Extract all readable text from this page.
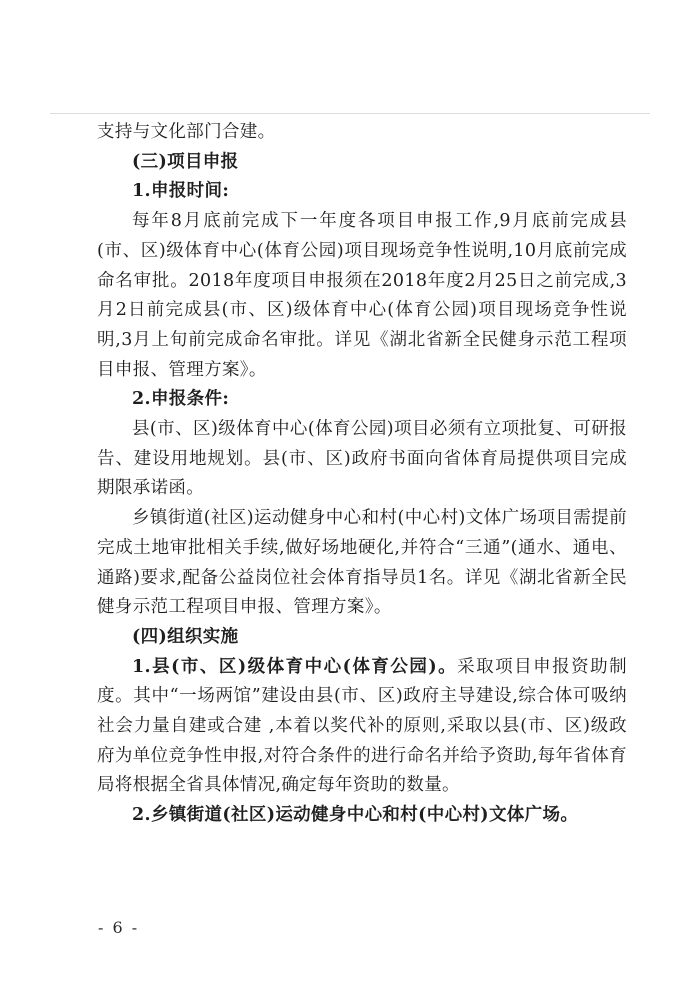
支持与文化部门合建。

(三)项目申报

1.申报时间:

每年8月底前完成下一年度各项目申报工作,9月底前完成县(市、区)级体育中心(体育公园)项目现场竞争性说明,10月底前完成命名审批。2018年度项目申报须在2018年度2月25日之前完成,3月2日前完成县(市、区)级体育中心(体育公园)项目现场竞争性说明,3月上旬前完成命名审批。详见《湖北省新全民健身示范工程项目申报、管理方案》。

2.申报条件:

县(市、区)级体育中心(体育公园)项目必须有立项批复、可研报告、建设用地规划。县(市、区)政府书面向省体育局提供项目完成期限承诺函。

乡镇街道(社区)运动健身中心和村(中心村)文体广场项目需提前完成土地审批相关手续,做好场地硬化,并符合“三通”(通水、通电、通路)要求,配备公益岗位社会体育指导员1名。详见《湖北省新全民健身示范工程项目申报、管理方案》。

(四)组织实施

1.县(市、区)级体育中心(体育公园)。采取项目申报资助制度。其中“一场两馆”建设由县(市、区)政府主导建设,综合体可吸纳社会力量自建或合建 ,本着以奖代补的原则,采取以县(市、区)级政府为单位竞争性申报,对符合条件的进行命名并给予资助,每年省体育局将根据全省具体情况,确定每年资助的数量。

2.乡镇街道(社区)运动健身中心和村(中心村)文体广场。

- 6 -
